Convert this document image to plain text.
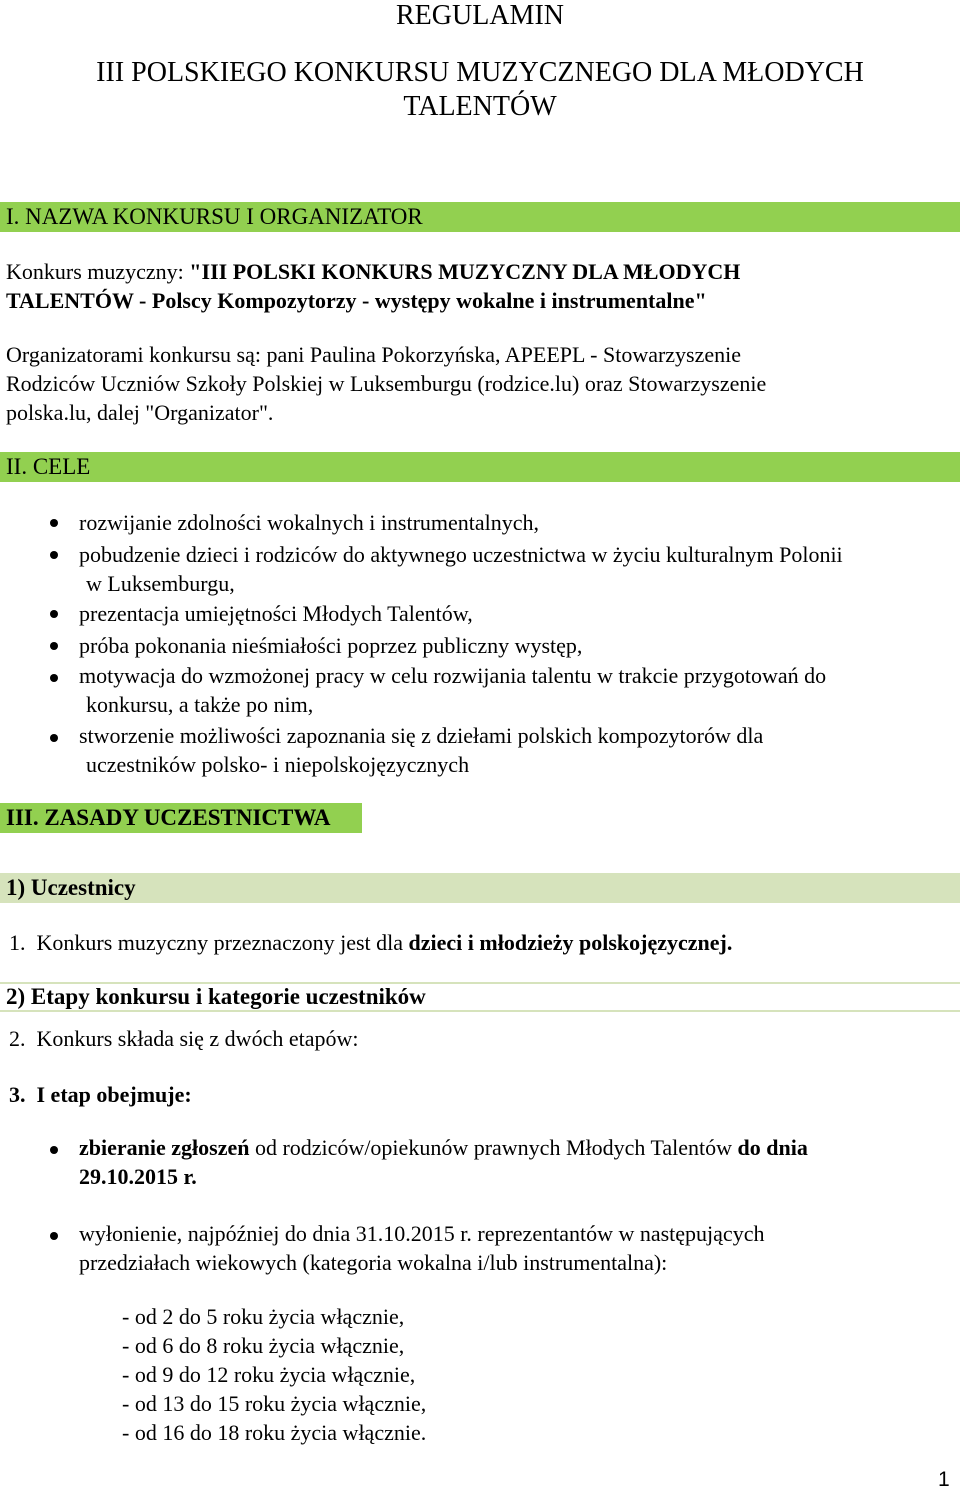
REGULAMIN
III POLSKIEGO KONKURSU MUZYCZNEGO DLA MŁODYCH
TALENTÓW
I. NAZWA KONKURSU I ORGANIZATOR
Konkurs muzyczny: "III POLSKI KONKURS MUZYCZNY DLA MŁODYCH
TALENTÓW - Polscy Kompozytorzy - występy wokalne i instrumentalne"
Organizatorami konkursu są: pani Paulina Pokorzyńska, APEEPL - Stowarzyszenie
Rodziców Uczniów Szkoły Polskiej w Luksemburgu (rodzice.lu) oraz Stowarzyszenie
polska.lu, dalej "Organizator".
II. CELE
rozwijanie zdolności wokalnych i instrumentalnych,
pobudzenie dzieci i rodziców do aktywnego uczestnictwa w życiu kulturalnym Polonii
w Luksemburgu,
prezentacja umiejętności Młodych Talentów,
próba pokonania nieśmiałości poprzez publiczny występ,
motywacja do wzmożonej pracy w celu rozwijania talentu w trakcie przygotowań do
konkursu, a także po nim,
stworzenie możliwości zapoznania się z dziełami polskich kompozytorów dla
uczestników polsko- i niepolskojęzycznych
III. ZASADY UCZESTNICTWA
1) Uczestnicy
1. Konkurs muzyczny przeznaczony jest dla dzieci i młodzieży polskojęzycznej.
2) Etapy konkursu i kategorie uczestników
2. Konkurs składa się z dwóch etapów:
3. I etap obejmuje:
zbieranie zgłoszeń od rodziców/opiekunów prawnych Młodych Talentów do dnia
29.10.2015 r.
wyłonienie, najpóźniej do dnia 31.10.2015 r. reprezentantów w następujących
przedziałach wiekowych (kategoria wokalna i/lub instrumentalna):
- od 2 do 5 roku życia włącznie,
- od 6 do 8 roku życia włącznie,
- od 9 do 12 roku życia włącznie,
- od 13 do 15 roku życia włącznie,
- od 16 do 18 roku życia włącznie.
1
